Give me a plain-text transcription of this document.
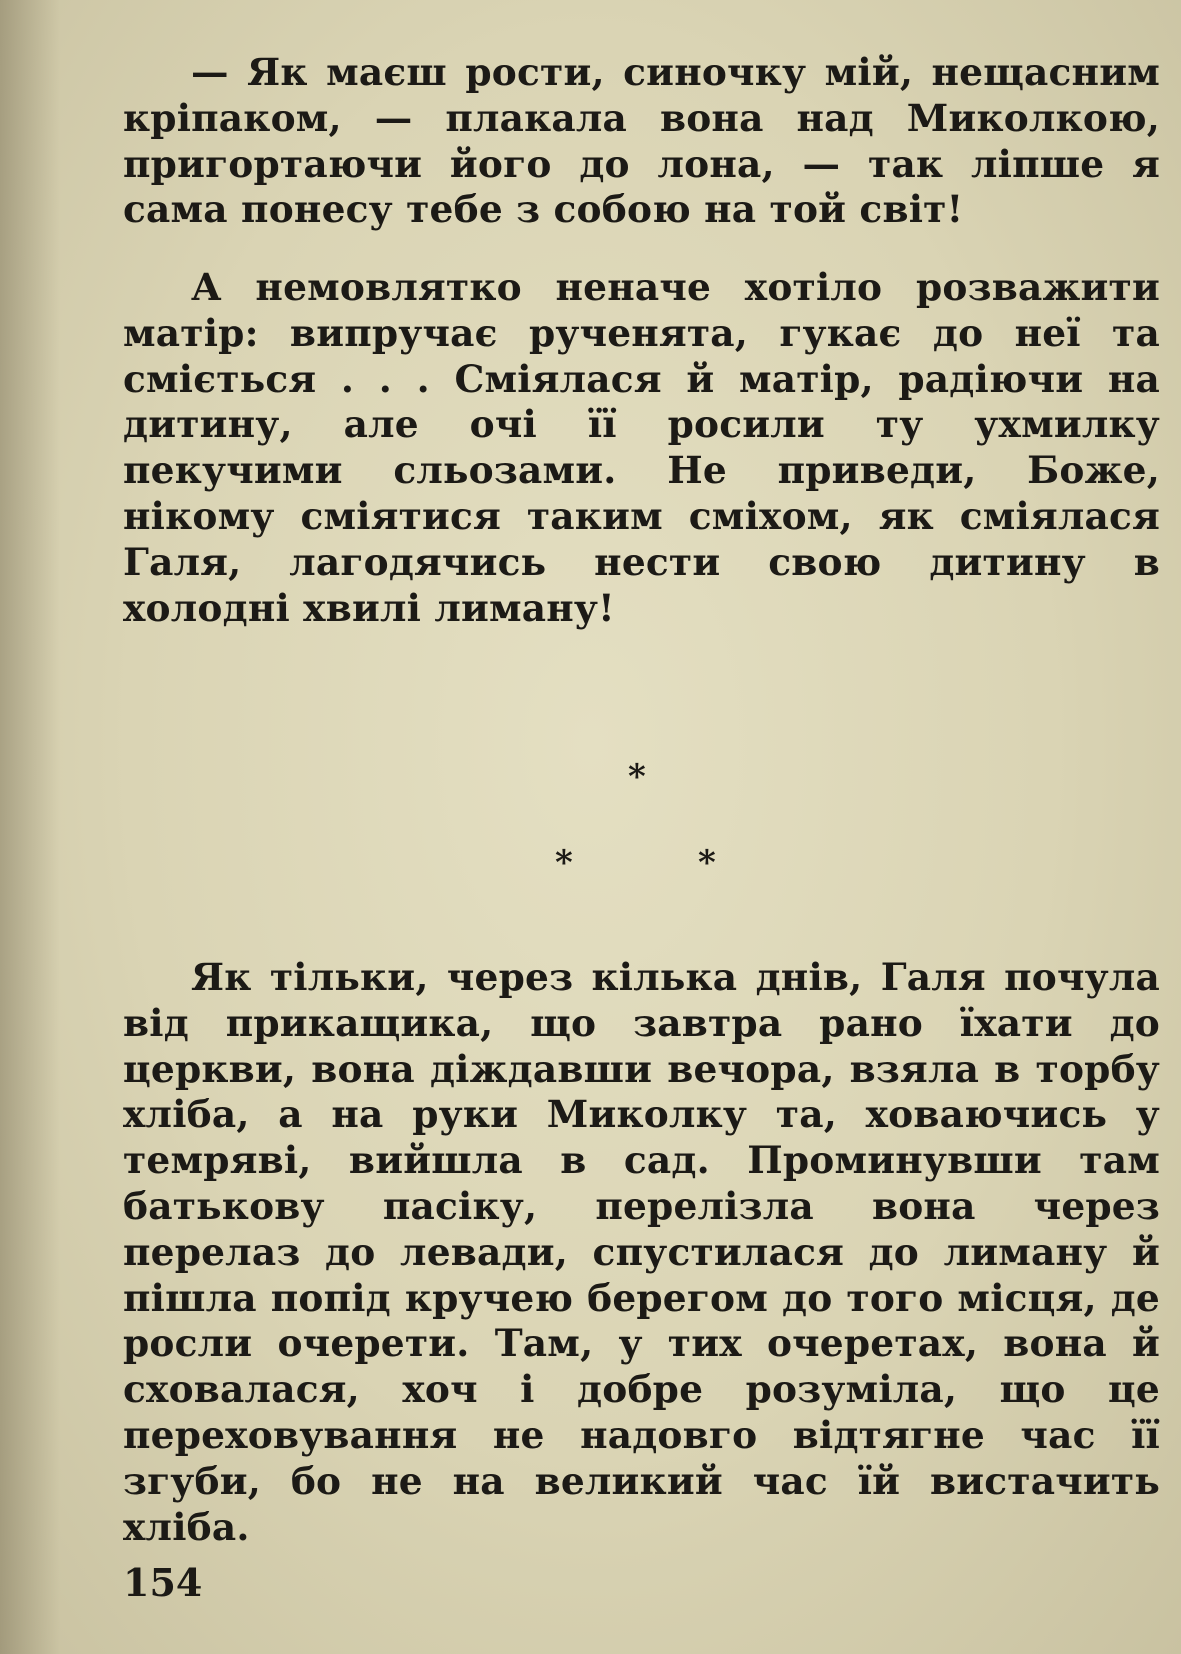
— Як маєш рости, синочку мій, нещасним кріпаком, — плакала вона над Миколкою, пригортаючи його до лона, — так ліпше я сама понесу тебе з собою на той світ!

А немовлятко неначе хотіло розважити матір: випручає рученята, гукає до неї та сміється . . . Сміялася й матір, радіючи на дитину, але очі її росили ту ухмилку пекучими сльозами. Не приведи, Боже, нікому сміятися таким сміхом, як сміялася Галя, лагодячись нести свою дитину в холодні хвилі лиману!

*
*	*

Як тільки, через кілька днів, Галя почула від прикащика, що завтра рано їхати до церкви, вона діждавши вечора, взяла в торбу хліба, а на руки Миколку та, ховаючись у темряві, вийшла в сад. Проминувши там батькову пасіку, перелізла вона через перелаз до левади, спустилася до лиману й пішла попід кручею берегом до того місця, де росли очерети. Там, у тих очеретах, вона й сховалася, хоч і добре розуміла, що це переховування не надовго відтягне час її згуби, бо не на великий час їй вистачить хліба.

154
